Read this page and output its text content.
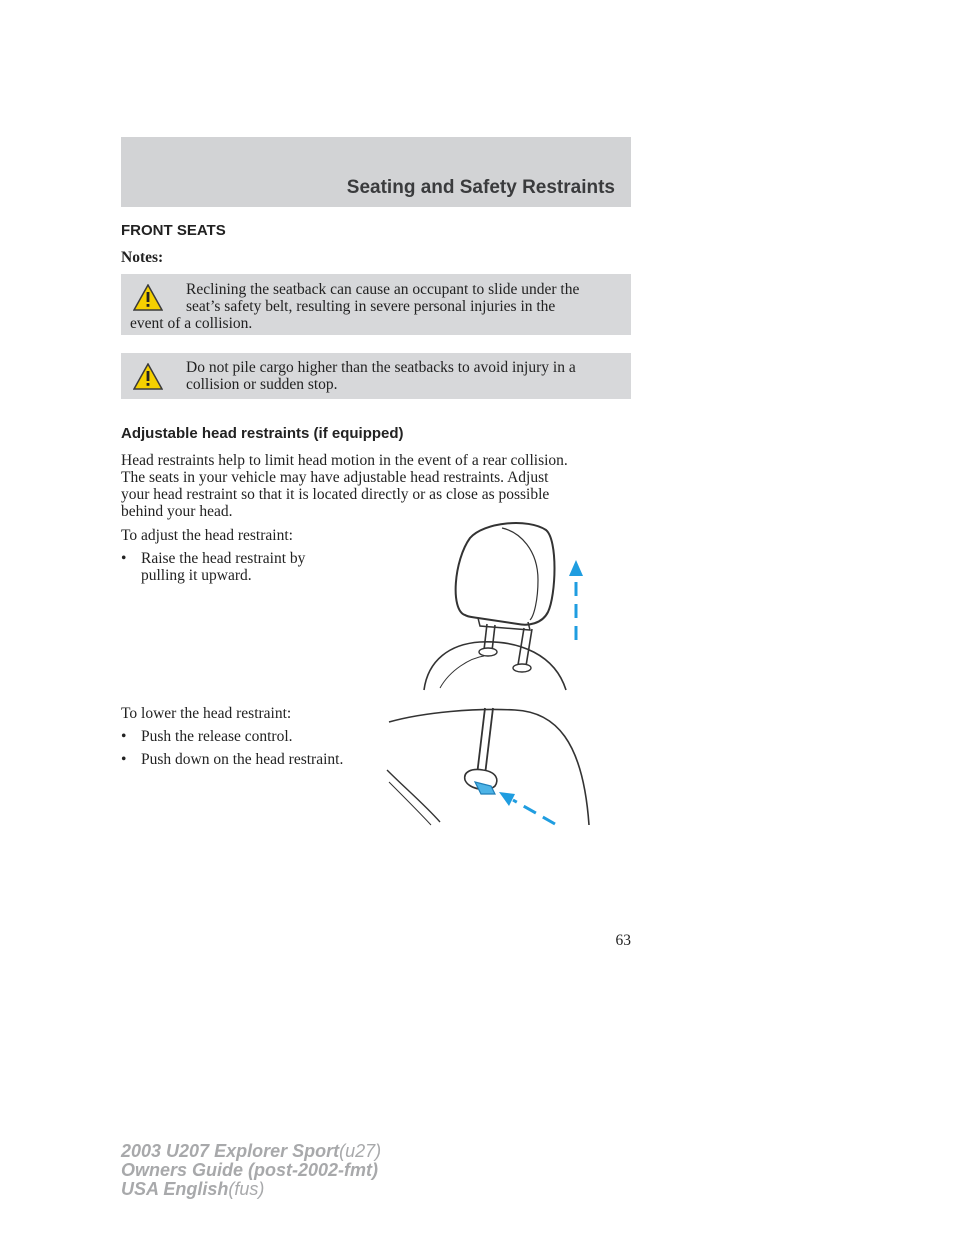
Seating and Safety Restraints
FRONT SEATS
Notes:
Reclining the seatback can cause an occupant to slide under the
seat’s safety belt, resulting in severe personal injuries in the
event of a collision.
Do not pile cargo higher than the seatbacks to avoid injury in a
collision or sudden stop.
Adjustable head restraints (if equipped)
Head restraints help to limit head motion in the event of a rear collision.
The seats in your vehicle may have adjustable head restraints. Adjust
your head restraint so that it is located directly or as close as possible
behind your head.
To adjust the head restraint:
• Raise the head restraint by
pulling it upward.
To lower the head restraint:
• Push the release control.
• Push down on the head restraint.
63
2003 U207 Explorer Sport(u27)
Owners Guide (post-2002-fmt)
USA English(fus)
